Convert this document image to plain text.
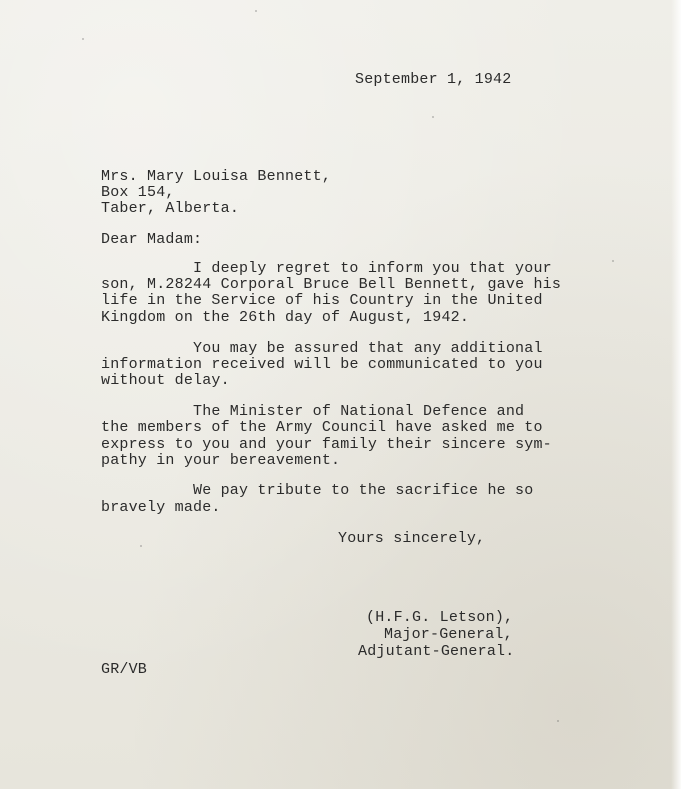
September 1, 1942
Mrs. Mary Louisa Bennett,
Box 154,
Taber, Alberta.
Dear Madam:
I deeply regret to inform you that your
son, M.28244 Corporal Bruce Bell Bennett, gave his
life in the Service of his Country in the United
Kingdom on the 26th day of August, 1942.
You may be assured that any additional
information received will be communicated to you
without delay.
The Minister of National Defence and
the members of the Army Council have asked me to
express to you and your family their sincere sym-
pathy in your bereavement.
We pay tribute to the sacrifice he so
bravely made.
Yours sincerely,
(H.F.G. Letson),
Major-General,
Adjutant-General.
GR/VB
